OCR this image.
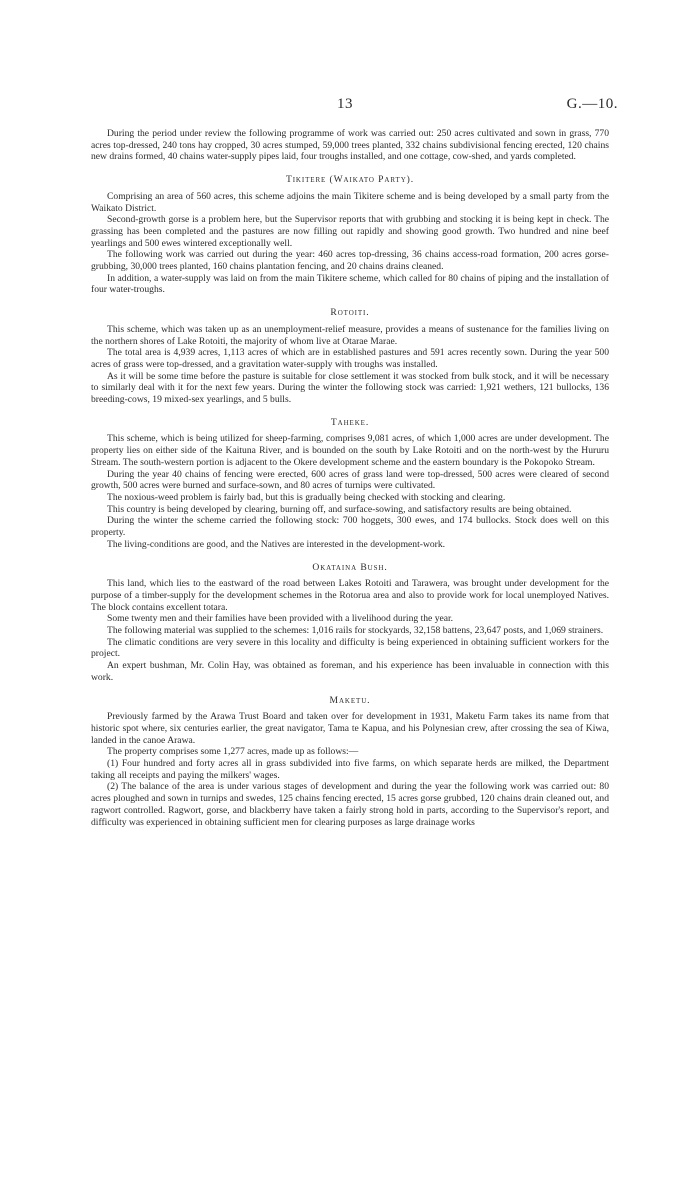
13	G.—10.

During the period under review the following programme of work was carried out: 250 acres cultivated and sown in grass, 770 acres top-dressed, 240 tons hay cropped, 30 acres stumped, 59,000 trees planted, 332 chains subdivisional fencing erected, 120 chains new drains formed, 40 chains water-supply pipes laid, four troughs installed, and one cottage, cow-shed, and yards completed.

Tikitere (Waikato Party).

Comprising an area of 560 acres, this scheme adjoins the main Tikitere scheme and is being developed by a small party from the Waikato District.

Second-growth gorse is a problem here, but the Supervisor reports that with grubbing and stocking it is being kept in check. The grassing has been completed and the pastures are now filling out rapidly and showing good growth. Two hundred and nine beef yearlings and 500 ewes wintered exceptionally well.

The following work was carried out during the year: 460 acres top-dressing, 36 chains access-road formation, 200 acres gorse-grubbing, 30,000 trees planted, 160 chains plantation fencing, and 20 chains drains cleaned.

In addition, a water-supply was laid on from the main Tikitere scheme, which called for 80 chains of piping and the installation of four water-troughs.

Rotoiti.

This scheme, which was taken up as an unemployment-relief measure, provides a means of sustenance for the families living on the northern shores of Lake Rotoiti, the majority of whom live at Otarae Marae.

The total area is 4,939 acres, 1,113 acres of which are in established pastures and 591 acres recently sown. During the year 500 acres of grass were top-dressed, and a gravitation water-supply with troughs was installed.

As it will be some time before the pasture is suitable for close settlement it was stocked from bulk stock, and it will be necessary to similarly deal with it for the next few years. During the winter the following stock was carried: 1,921 wethers, 121 bullocks, 136 breeding-cows, 19 mixed-sex yearlings, and 5 bulls.

Taheke.

This scheme, which is being utilized for sheep-farming, comprises 9,081 acres, of which 1,000 acres are under development. The property lies on either side of the Kaituna River, and is bounded on the south by Lake Rotoiti and on the north-west by the Hururu Stream. The south-western portion is adjacent to the Okere development scheme and the eastern boundary is the Pokopoko Stream.

During the year 40 chains of fencing were erected, 600 acres of grass land were top-dressed, 500 acres were cleared of second growth, 500 acres were burned and surface-sown, and 80 acres of turnips were cultivated.

The noxious-weed problem is fairly bad, but this is gradually being checked with stocking and clearing.

This country is being developed by clearing, burning off, and surface-sowing, and satisfactory results are being obtained.

During the winter the scheme carried the following stock: 700 hoggets, 300 ewes, and 174 bullocks. Stock does well on this property.

The living-conditions are good, and the Natives are interested in the development-work.

Okataina Bush.

This land, which lies to the eastward of the road between Lakes Rotoiti and Tarawera, was brought under development for the purpose of a timber-supply for the development schemes in the Rotorua area and also to provide work for local unemployed Natives. The block contains excellent totara.

Some twenty men and their families have been provided with a livelihood during the year.

The following material was supplied to the schemes: 1,016 rails for stockyards, 32,158 battens, 23,647 posts, and 1,069 strainers.

The climatic conditions are very severe in this locality and difficulty is being experienced in obtaining sufficient workers for the project.

An expert bushman, Mr. Colin Hay, was obtained as foreman, and his experience has been invaluable in connection with this work.

Maketu.

Previously farmed by the Arawa Trust Board and taken over for development in 1931, Maketu Farm takes its name from that historic spot where, six centuries earlier, the great navigator, Tama te Kapua, and his Polynesian crew, after crossing the sea of Kiwa, landed in the canoe Arawa.

The property comprises some 1,277 acres, made up as follows:—

(1) Four hundred and forty acres all in grass subdivided into five farms, on which separate herds are milked, the Department taking all receipts and paying the milkers' wages.

(2) The balance of the area is under various stages of development and during the year the following work was carried out: 80 acres ploughed and sown in turnips and swedes, 125 chains fencing erected, 15 acres gorse grubbed, 120 chains drain cleaned out, and ragwort controlled. Ragwort, gorse, and blackberry have taken a fairly strong hold in parts, according to the Supervisor's report, and difficulty was experienced in obtaining sufficient men for clearing purposes as large drainage works
